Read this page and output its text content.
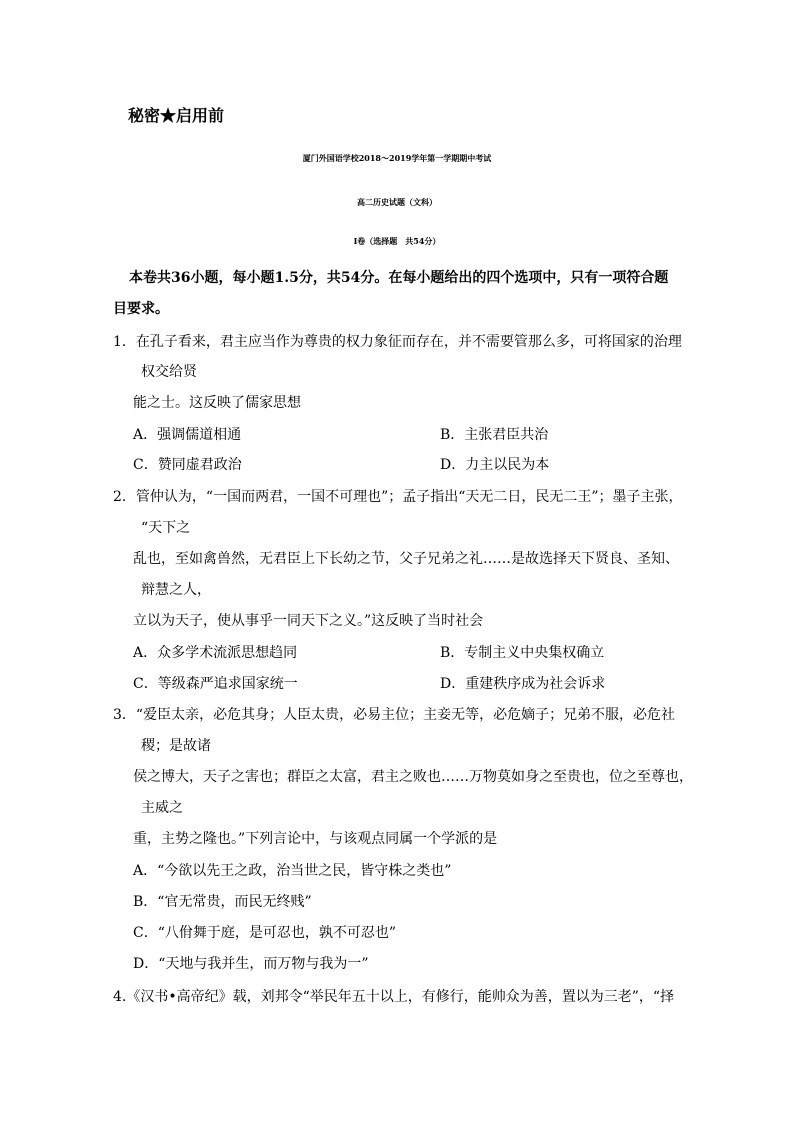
秘密★启用前
厦门外国语学校2018～2019学年第一学期期中考试
高二历史试题（文科）
Ⅰ卷（选择题　共54分）
本卷共36小题，每小题1.5分，共54分。在每小题给出的四个选项中，只有一项符合题
目要求。
1．在孔子看来，君主应当作为尊贵的权力象征而存在，并不需要管那么多，可将国家的治理
权交给贤
能之士。这反映了儒家思想
A．强调儒道相通	B．主张君臣共治
C．赞同虚君政治	D．力主以民为本
2．管仲认为，“一国而两君，一国不可理也”；孟子指出“天无二日，民无二王”；墨子主张，
“天下之
乱也，至如禽兽然，无君臣上下长幼之节，父子兄弟之礼……是故选择天下贤良、圣知、
辩慧之人，
立以为天子，使从事乎一同天下之义。”这反映了当时社会
A．众多学术流派思想趋同	B．专制主义中央集权确立
C．等级森严追求国家统一	D．重建秩序成为社会诉求
3．“爱臣太亲，必危其身；人臣太贵，必易主位；主妾无等，必危嫡子；兄弟不服，必危社
稷；是故诸
侯之博大，天子之害也；群臣之太富，君主之败也……万物莫如身之至贵也，位之至尊也，
主威之
重，主势之隆也。”下列言论中，与该观点同属一个学派的是
A．“今欲以先王之政，治当世之民，皆守株之类也”
B．“官无常贵，而民无终贱”
C．“八佾舞于庭，是可忍也，孰不可忍也”
D．“天地与我并生，而万物与我为一”
4.《汉书•高帝纪》载，刘邦令“举民年五十以上，有修行，能帅众为善，置以为三老”，“择
